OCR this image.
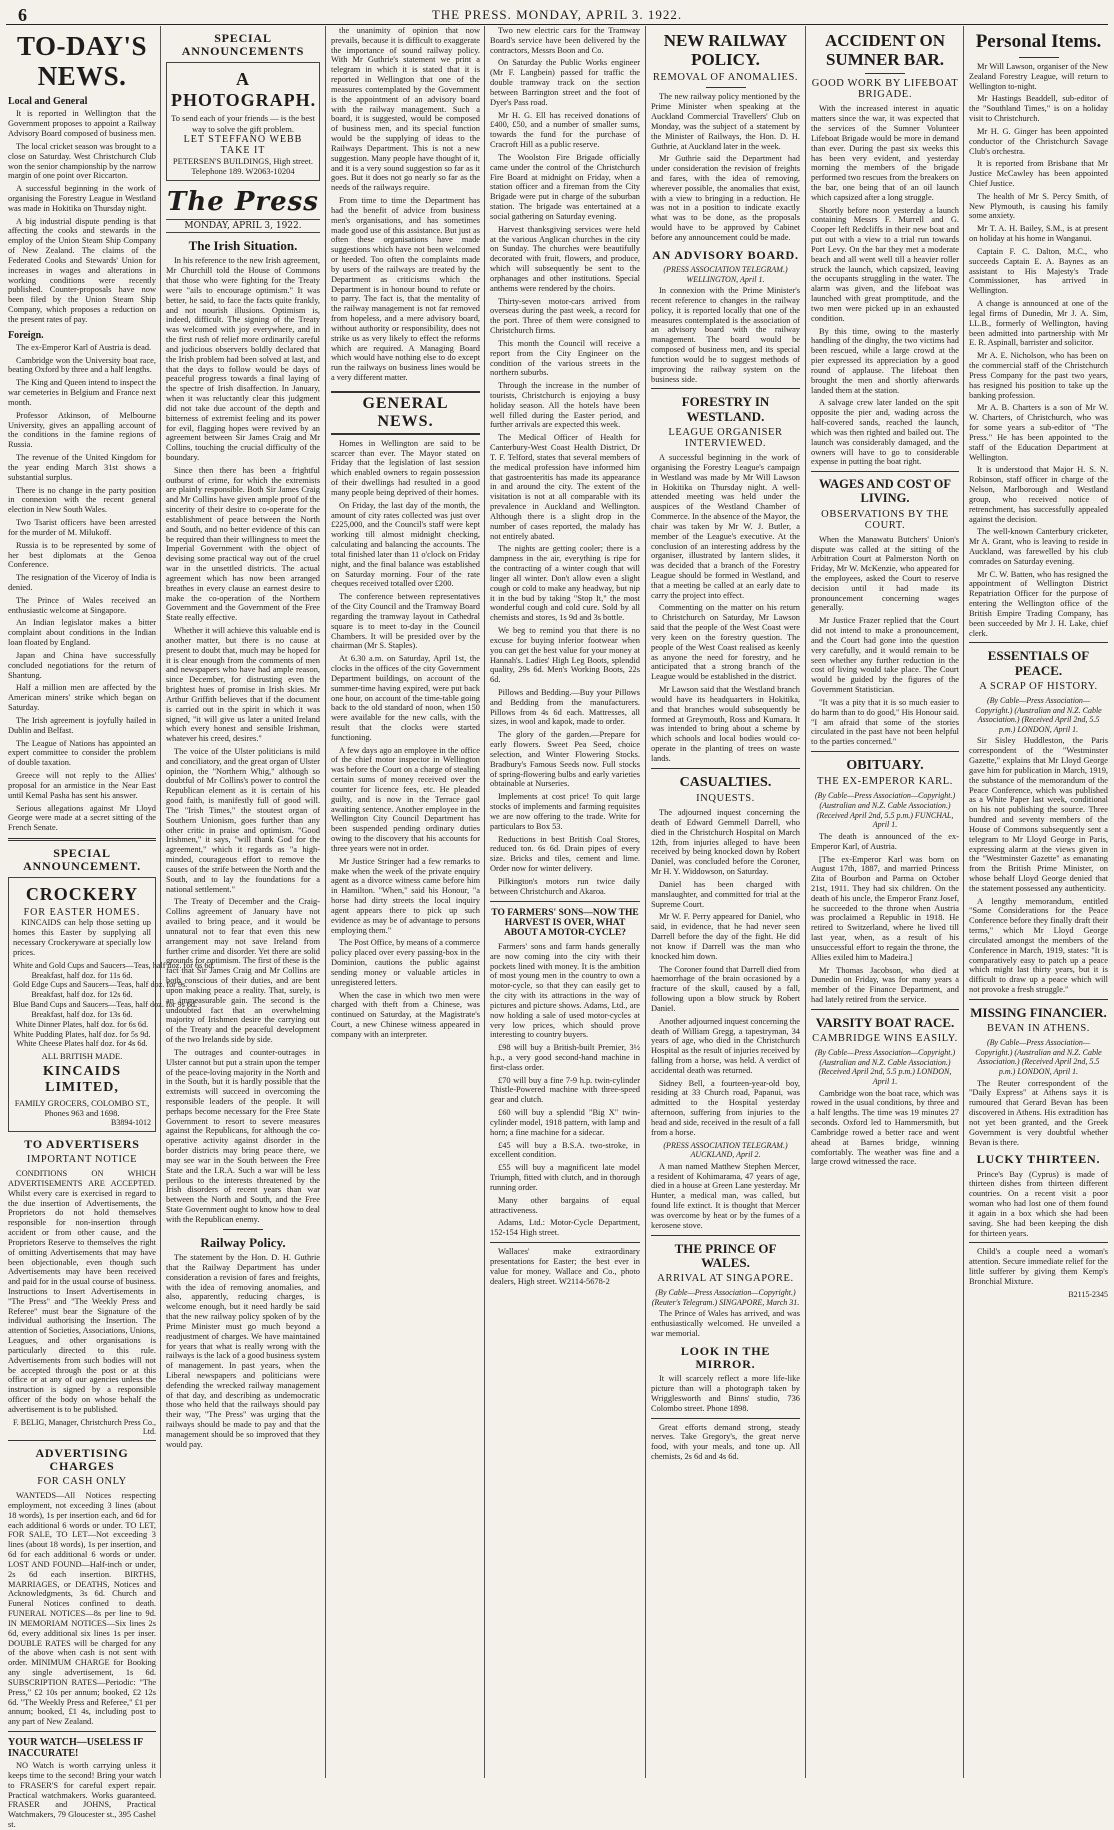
6	THE PRESS. MONDAY, APRIL 3. 1922.
TO-DAY'S NEWS.
Local and General

It is reported in Wellington that the Government proposes to appoint a Railway Advisory Board composed of business men.

The local cricket season was brought to a close on Saturday. West Christchurch Club won the senior championship by the narrow margin of one point over Riccarton.

A successful beginning in the work of organising the Forestry League in Westland was made in Hokitika on Thursday night.

A big industrial dispute pending is that affecting the cooks and stewards in the employ of the Union Steam Ship Company of New Zealand. The claims of the Federated Cooks and Stewards' Union for increases in wages and alterations in working conditions were recently published. Counter-proposals have now been filed by the Union Steam Ship Company, which proposes a reduction on the present rates of pay.

Foreign.

The ex-Emperor Karl of Austria is dead.

Cambridge won the University boat race, beating Oxford by three and a half lengths.

The King and Queen intend to inspect the war cemeteries in Belgium and France next month.

Professor Atkinson, of Melbourne University, gives an appalling account of the conditions in the famine regions of Russia.

The revenue of the United Kingdom for the year ending March 31st shows a substantial surplus.

There is no change in the party position in connexion with the recent general election in New South Wales.

Two Tsarist officers have been arrested for the murder of M. Milukoff.

Russia is to be represented by some of her best diplomats at the Genoa Conference.

The resignation of the Viceroy of India is denied.

The Prince of Wales received an enthusiastic welcome at Singapore.

An Indian legislator makes a bitter complaint about conditions in the Indian loan floated by England.

Japan and China have successfully concluded negotiations for the return of Shantung.

Half a million men are affected by the American miners' strike which began on Saturday.

The Irish agreement is joyfully hailed in Dublin and Belfast.

The League of Nations has appointed an expert committee to consider the problem of double taxation.

Greece will not reply to the Allies' proposal for an armistice in the Near East until Kemal Pasha has sent his answer.

Serious allegations against Mr Lloyd George were made at a secret sitting of the French Senate.

SPECIAL ANNOUNCEMENT.
CROCKERY
FOR EASTER HOMES.

KINCAIDS can help those setting up homes this Easter by supplying all necessary Crockeryware at specially low prices.

White and Gold Cups and Saucers—Teas, half doz. for 6s 6d.
Breakfast, half doz. for 11s 6d.
Gold Edge Cups and Saucers—Teas, half doz. for 9s.
Breakfast, half doz. for 12s 6d.
Blue Band Cups and Saucers—Teas, half doz. for 9s 6d.
Breakfast, half doz. for 13s 6d.
White Dinner Plates, half doz. for 6s 6d.
White Pudding Plates, half doz. for 5s 9d.
White Cheese Plates half doz. for 4s 6d.
ALL BRITISH MADE.
KINCAIDS LIMITED,
FAMILY GROCERS, COLOMBO ST.,
Phones 963 and 1698.
B3894-1012
TO ADVERTISERS
IMPORTANT NOTICE

CONDITIONS ON WHICH ADVERTISEMENTS ARE ACCEPTED. Whilst every care is exercised in regard to the due insertion of Advertisements, the Proprietors do not hold themselves responsible for non-insertion through accident or from other cause, and the Proprietors Reserve to themselves the right of omitting Advertisements that may have been objectionable, even though such Advertisements may have been received and paid for in the usual course of business. Instructions to Insert Advertisements in "The Press" and "The Weekly Press and Referee" must bear the Signature of the individual authorising the Insertion. The attention of Societies, Associations, Unions, Leagues, and other organisations is particularly directed to this rule. Advertisements from such bodies will not be accepted through the post or at this office or at any of our agencies unless the instruction is signed by a responsible officer of the body on whose behalf the advertisement is to be published.

F. BELIG, Manager, Christchurch Press Co., Ltd.
ADVERTISING CHARGES
FOR CASH ONLY

WANTEDS—All Notices respecting employment, not exceeding 3 lines (about 18 words), 1s per insertion each, and 6d for each additional 6 words or under. TO LET, FOR SALE, TO LET—Not exceeding 3 lines (about 18 words), 1s per insertion, and 6d for each additional 6 words or under. LOST AND FOUND—Half-inch or under, 2s 6d each insertion. BIRTHS, MARRIAGES, or DEATHS, Notices and Acknowledgments, 3s 6d. Church and Funeral Notices confined to death. FUNERAL NOTICES—8s per line to 9d. IN MEMORIAM NOTICES—Six lines 2s 6d, every additional six lines 1s per inser. DOUBLE RATES will be charged for any of the above when cash is not sent with order. MINIMUM CHARGE for Booking any single advertisement, 1s 6d. SUBSCRIPTION RATES—Periodic: "The Press," £2 10s per annum; booked, £2 12s 6d. "The Weekly Press and Referee," £1 per annum; booked, £1 4s, including post to any part of New Zealand.

YOUR WATCH—USELESS IF INACCURATE!

NO Watch is worth carrying unless it keeps time to the second! Bring your watch to FRASER'S for careful expert repair. Practical watchmakers. Works guaranteed. FRASER and JOHNS, Practical Watchmakers, 79 Gloucester st., 395 Cashel st.

SPECIAL ANNOUNCEMENTS
A PHOTOGRAPH.
To send each of your friends — is the best way to solve the gift problem.
LET STEFFANO WEBB TAKE IT
PETERSEN'S BUILDINGS, High street.
Telephone 189. W2063-10204
The Press
MONDAY, APRIL 3, 1922.
The Irish Situation.

In his reference to the new Irish agreement, Mr Churchill told the House of Commons that those who were fighting for the Treaty were "ails to encourage optimism." It was better, he said, to face the facts quite frankly, and not nourish illusions. Optimism is, indeed, difficult. The signing of the Treaty was welcomed with joy everywhere, and in the first rush of relief more ordinarily careful and judicious observers boldly declared that the Irish problem had been solved at last, and that the days to follow would be days of peaceful progress towards a final laying of the spectre of Irish disaffection. In January, when it was reluctantly clear this judgment did not take due account of the depth and bitterness of extremist feeling and its power for evil, flagging hopes were revived by an agreement between Sir James Craig and Mr Collins, touching the crucial difficulty of the boundary.

Since then there has been a frightful outburst of crime, for which the extremists are plainly responsible. Both Sir James Craig and Mr Collins have given ample proof of the sincerity of their desire to co-operate for the establishment of peace between the North and South, and no better evidence of this can be required than their willingness to meet the Imperial Government with the object of devising some practical way out of the cruel war in the unsettled districts. The actual agreement which has now been arranged breathes in every clause an earnest desire to make the co-operation of the Northern Government and the Government of the Free State really effective.

Whether it will achieve this valuable end is another matter, but there is no cause at present to doubt that, much may be hoped for it is clear enough from the comments of men and newspapers who have had ample reason, since December, for distrusting even the brightest hues of promise in Irish skies. Mr Arthur Griffith believes that if the document is carried out in the spirit in which it was signed, "it will give us later a united Ireland which every honest and sensible Irishman, whatever his creed, desires."

The voice of the Ulster politicians is mild and conciliatory, and the great organ of Ulster opinion, the "Northern Whig," although so doubtful of Mr Collins's power to control the Republican element as it is certain of his good faith, is manifestly full of good will. The "Irish Times," the stoutest organ of Southern Unionism, goes further than any other critic in praise and optimism. "Good Irishmen," it says, "will thank God for the agreement," which it regards as "a high-minded, courageous effort to remove the causes of the strife between the North and the South, and to lay the foundations for a national settlement."

The Treaty of December and the Craig-Collins agreement of January have not availed to bring peace, and it would be unnatural not to fear that even this new arrangement may not save Ireland from further crime and disorder. Yet there are solid grounds for optimism. The first of these is the fact that Sir James Craig and Mr Collins are both conscious of their duties, and are bent upon making peace a reality. That, surely, is an immeasurable gain. The second is the undoubted fact that an overwhelming majority of Irishmen desire the carrying out of the Treaty and the peaceful development of the two Irelands side by side.

The outrages and counter-outrages in Ulster cannot but put a strain upon the temper of the peace-loving majority in the North and in the South, but it is hardly possible that the extremists will succeed in overcoming the responsible leaders of the people. It will perhaps become necessary for the Free State Government to resort to severe measures against the Republicans, for although the co-operative activity against disorder in the border districts may bring peace there, we may see war in the South between the Free State and the I.R.A. Such a war will be less perilous to the interests threatened by the Irish disorders of recent years than war between the North and South, and the Free State Government ought to know how to deal with the Republican enemy.

Railway Policy.

The statement by the Hon. D. H. Guthrie that the Railway Department has under consideration a revision of fares and freights, with the idea of removing anomalies, and also, apparently, reducing charges, is welcome enough, but it need hardly be said that the new railway policy spoken of by the Prime Minister must go much beyond a readjustment of charges. We have maintained for years that what is really wrong with the railways is the lack of a good business system of management. In past years, when the Liberal newspapers and politicians were defending the wrecked railway management of that day, and describing as undemocratic those who held that the railways should pay their way, "The Press" was urging that the railways should be made to pay and that the management should be so improved that they would pay.

the unanimity of opinion that now prevails, because it is difficult to exaggerate the importance of sound railway policy. With Mr Guthrie's statement we print a telegram in which it is stated that it is reported in Wellington that one of the measures contemplated by the Government is the appointment of an advisory board with the railway management. Such a board, it is suggested, would be composed of business men, and its special function would be the supplying of ideas to the Railways Department. This is not a new suggestion. Many people have thought of it, and it is a very sound suggestion so far as it goes. But it does not go nearly so far as the needs of the railways require.

From time to time the Department has had the benefit of advice from business men's organisations, and has sometimes made good use of this assistance. But just as often these organisations have made suggestions which have not been welcomed or heeded. Too often the complaints made by users of the railways are treated by the Department as criticisms which the Department is in honour bound to refute or to parry. The fact is, that the mentality of the railway management is not far removed from hopeless, and a mere advisory board, without authority or responsibility, does not strike us as very likely to effect the reforms which are required. A Managing Board which would have nothing else to do except run the railways on business lines would be a very different matter.

GENERAL NEWS.

Homes in Wellington are said to be scarcer than ever. The Mayor stated on Friday that the legislation of last session which enabled owners to regain possession of their dwellings had resulted in a good many people being deprived of their homes.

On Friday, the last day of the month, the amount of city rates collected was just over £225,000, and the Council's staff were kept working till almost midnight checking, calculating and balancing the accounts. The total finished later than 11 o'clock on Friday night, and the final balance was established on Saturday morning. Four of the rate cheques received totalled over £200.

The conference between representatives of the City Council and the Tramway Board regarding the tramway layout in Cathedral square is to meet to-day in the Council Chambers. It will be presided over by the chairman (Mr S. Staples).

At 6.30 a.m. on Saturday, April 1st, the clocks in the offices of the city Government Department buildings, on account of the summer-time having expired, were put back one hour, on account of the time-table going back to the old standard of noon, when 150 were available for the new calls, with the result that the clocks were started functioning.

A few days ago an employee in the office of the chief motor inspector in Wellington was before the Court on a charge of stealing certain sums of money received over the counter for licence fees, etc. He pleaded guilty, and is now in the Terrace gaol awaiting sentence. Another employee in the Wellington City Council Department has been suspended pending ordinary duties owing to the discovery that his accounts for three years were not in order.

Mr Justice Stringer had a few remarks to make when the week of the private enquiry agent as a divorce witness came before him in Hamilton. "When," said his Honour, "a horse had dirty streets the local inquiry agent appears there to pick up such evidence as may be of advantage to persons employing them."

The Post Office, by means of a commerce policy placed over every passing-box in the Dominion, cautions the public against sending money or valuable articles in unregistered letters.

When the case in which two men were charged with theft from a Chinese, was continued on Saturday, at the Magistrate's Court, a new Chinese witness appeared in company with an interpreter.

Two new electric cars for the Tramway Board's service have been delivered by the contractors, Messrs Boon and Co.

On Saturday the Public Works engineer (Mr F. Langbein) passed for traffic the double tramway track on the section between Barrington street and the foot of Dyer's Pass road.

Mr H. G. Ell has received donations of £400, £50, and a number of smaller sums, towards the fund for the purchase of Cracroft Hill as a public reserve.

The Woolston Fire Brigade officially came under the control of the Christchurch Fire Board at midnight on Friday, when a station officer and a fireman from the City Brigade were put in charge of the suburban station. The brigade was entertained at a social gathering on Saturday evening.

Harvest thanksgiving services were held at the various Anglican churches in the city on Sunday. The churches were beautifully decorated with fruit, flowers, and produce, which will subsequently be sent to the orphanages and other institutions. Special anthems were rendered by the choirs.

Thirty-seven motor-cars arrived from overseas during the past week, a record for the port. Three of them were consigned to Christchurch firms.

This month the Council will receive a report from the City Engineer on the condition of the various streets in the northern suburbs.

Through the increase in the number of tourists, Christchurch is enjoying a busy holiday season. All the hotels have been well filled during the Easter period, and further arrivals are expected this week.

The Medical Officer of Health for Canterbury-West Coast Health District, Dr T. F. Telford, states that several members of the medical profession have informed him that gastroenteritis has made its appearance in and around the city. The extent of the visitation is not at all comparable with its prevalence in Auckland and Wellington. Although there is a slight drop in the number of cases reported, the malady has not entirely abated.

The nights are getting cooler; there is a dampness in the air, everything is ripe for the contracting of a winter cough that will linger all winter. Don't allow even a slight cough or cold to make any headway, but nip it in the bud by taking "Stop It," the most wonderful cough and cold cure. Sold by all chemists and stores, 1s 9d and 3s bottle.

We beg to remind you that there is no excuse for buying inferior footwear when you can get the best value for your money at Hannah's. Ladies' High Leg Boots, splendid quality, 29s 6d. Men's Working Boots, 22s 6d.

Pillows and Bedding.—Buy your Pillows and Bedding from the manufacturers. Pillows from 4s 6d each. Mattresses, all sizes, in wool and kapok, made to order.

The glory of the garden.—Prepare for early flowers. Sweet Pea Seed, choice selection, and Winter Flowering Stocks. Bradbury's Famous Seeds now. Full stocks of spring-flowering bulbs and early varieties obtainable at Nurseries.

Implements at cost price! To quit large stocks of implements and farming requisites we are now offering to the trade. Write for particulars to Box 53.

Reductions in best British Coal Stores, reduced ton. 6s 6d. Drain pipes of every size. Bricks and tiles, cement and lime. Order now for winter delivery.

Pilkington's motors run twice daily between Christchurch and Akaroa.

TO FARMERS' SONS—NOW THE HARVEST IS OVER, WHAT ABOUT A MOTOR-CYCLE?

Farmers' sons and farm hands generally are now coming into the city with their pockets lined with money. It is the ambition of most young men in the country to own a motor-cycle, so that they can easily get to the city with its attractions in the way of pictures and picture shows. Adams, Ltd., are now holding a sale of used motor-cycles at very low prices, which should prove interesting to country buyers.

£98 will buy a British-built Premier, 3½ h.p., a very good second-hand machine in first-class order.

£70 will buy a fine 7-9 h.p. twin-cylinder Thistle-Powered machine with three-speed gear and clutch.

£60 will buy a splendid "Big X" twin-cylinder model, 1918 pattern, with lamp and horn; a fine machine for a sidecar.

£45 will buy a B.S.A. two-stroke, in excellent condition.

£55 will buy a magnificent late model Triumph, fitted with clutch, and in thorough running order.

Many other bargains of equal attractiveness.

Adams, Ltd.: Motor-Cycle Department, 152-154 High street.

Wallaces' make extraordinary presentations for Easter; the best ever in value for money. Wallace and Co., photo dealers, High street. W2114-5678-2

NEW RAILWAY POLICY.
REMOVAL OF ANOMALIES.

The new railway policy mentioned by the Prime Minister when speaking at the Auckland Commercial Travellers' Club on Monday, was the subject of a statement by the Minister of Railways, the Hon. D. H. Guthrie, at Auckland later in the week.

Mr Guthrie said the Department had under consideration the revision of freights and fares, with the idea of removing, wherever possible, the anomalies that exist, with a view to bringing in a reduction. He was not in a position to indicate exactly what was to be done, as the proposals would have to be approved by Cabinet before any announcement could be made.

AN ADVISORY BOARD.
(PRESS ASSOCIATION TELEGRAM.) WELLINGTON, April 1.

In connexion with the Prime Minister's recent reference to changes in the railway policy, it is reported locally that one of the measures contemplated is the association of an advisory board with the railway management. The board would be composed of business men, and its special function would be to suggest methods of improving the railway system on the business side.

FORESTRY IN WESTLAND.
LEAGUE ORGANISER INTERVIEWED.

A successful beginning in the work of organising the Forestry League's campaign in Westland was made by Mr Will Lawson in Hokitika on Thursday night. A well-attended meeting was held under the auspices of the Westland Chamber of Commerce. In the absence of the Mayor, the chair was taken by Mr W. J. Butler, a member of the League's executive. At the conclusion of an interesting address by the organiser, illustrated by lantern slides, it was decided that a branch of the Forestry League should be formed in Westland, and that a meeting be called at an early date to carry the project into effect.

Commenting on the matter on his return to Christchurch on Saturday, Mr Lawson said that the people of the West Coast were very keen on the forestry question. The people of the West Coast realised as keenly as anyone the need for forestry, and he anticipated that a strong branch of the League would be established in the district.

Mr Lawson said that the Westland branch would have its headquarters in Hokitika, and that branches would subsequently be formed at Greymouth, Ross and Kumara. It was intended to bring about a scheme by which schools and local bodies would co-operate in the planting of trees on waste lands.

CASUALTIES.
INQUESTS.

The adjourned inquest concerning the death of Edward Gemmell Darrell, who died in the Christchurch Hospital on March 12th, from injuries alleged to have been received by being knocked down by Robert Daniel, was concluded before the Coroner, Mr H. Y. Widdowson, on Saturday.

Daniel has been charged with manslaughter, and committed for trial at the Supreme Court.

Mr W. F. Perry appeared for Daniel, who said, in evidence, that he had never seen Darrell before the day of the fight. He did not know if Darrell was the man who knocked him down.

The Coroner found that Darrell died from haemorrhage of the brain occasioned by a fracture of the skull, caused by a fall, following upon a blow struck by Robert Daniel.

Another adjourned inquest concerning the death of William Gregg, a tapestryman, 34 years of age, who died in the Christchurch Hospital as the result of injuries received by falling from a horse, was held. A verdict of accidental death was returned.

Sidney Bell, a fourteen-year-old boy, residing at 33 Church road, Papanui, was admitted to the Hospital yesterday afternoon, suffering from injuries to the head and side, received in the result of a fall from a horse.

(PRESS ASSOCIATION TELEGRAM.) AUCKLAND, April 2.

A man named Matthew Stephen Mercer, a resident of Kohimarama, 47 years of age, died in a house at Green Lane yesterday. Mr Hunter, a medical man, was called, but found life extinct. It is thought that Mercer was overcome by heat or by the fumes of a kerosene stove.

THE PRINCE OF WALES.
ARRIVAL AT SINGAPORE.
(By Cable—Press Association—Copyright.) (Reuter's Telegram.) SINGAPORE, March 31.

The Prince of Wales has arrived, and was enthusiastically welcomed. He unveiled a war memorial.

LOOK IN THE MIRROR.

It will scarcely reflect a more life-like picture than will a photograph taken by Wrigglesworth and Binns' studio, 736 Colombo street. Phone 1898.

Great efforts demand strong, steady nerves. Take Gregory's, the great nerve food, with your meals, and tone up. All chemists, 2s 6d and 4s 6d.

ACCIDENT ON SUMNER BAR.
GOOD WORK BY LIFEBOAT BRIGADE.

With the increased interest in aquatic matters since the war, it was expected that the services of the Sumner Volunteer Lifeboat Brigade would be more in demand than ever. During the past six weeks this has been very evident, and yesterday morning the members of the brigade performed two rescues from the breakers on the bar, one being that of an oil launch which capsized after a long struggle.

Shortly before noon yesterday a launch containing Messrs F. Murrell and G. Cooper left Redcliffs in their new boat and put out with a view to a trial run towards Port Levy. On the bar they met a moderate beach and all went well till a heavier roller struck the launch, which capsized, leaving the occupants struggling in the water. The alarm was given, and the lifeboat was launched with great promptitude, and the two men were picked up in an exhausted condition.

By this time, owing to the masterly handling of the dinghy, the two victims had been rescued, while a large crowd at the pier expressed its appreciation by a good round of applause. The lifeboat then brought the men and shortly afterwards landed them at the station.

A salvage crew later landed on the spit opposite the pier and, wading across the half-covered sands, reached the launch, which was then righted and bailed out. The launch was considerably damaged, and the owners will have to go to considerable expense in putting the boat right.

WAGES AND COST OF LIVING.
OBSERVATIONS BY THE COURT.

When the Manawatu Butchers' Union's dispute was called at the sitting of the Arbitration Court at Palmerston North on Friday, Mr W. McKenzie, who appeared for the employees, asked the Court to reserve decision until it had made its pronouncement concerning wages generally.

Mr Justice Frazer replied that the Court did not intend to make a pronouncement, and the Court had gone into the question very carefully, and it would remain to be seen whether any further reduction in the cost of living would take place. The Court would be guided by the figures of the Government Statistician.

"It was a pity that it is so much easier to do harm than to do good," His Honour said. "I am afraid that some of the stories circulated in the past have not been helpful to the parties concerned."

OBITUARY.
THE EX-EMPEROR KARL.
(By Cable—Press Association—Copyright.) (Australian and N.Z. Cable Association.) (Received April 2nd, 5.5 p.m.) FUNCHAL, April 1.

The death is announced of the ex-Emperor Karl, of Austria.

[The ex-Emperor Karl was born on August 17th, 1887, and married Princess Zita of Bourbon and Parma on October 21st, 1911. They had six children. On the death of his uncle, the Emperor Franz Josef, he succeeded to the throne when Austria was proclaimed a Republic in 1918. He retired to Switzerland, where he lived till last year, when, as a result of his unsuccessful effort to regain the throne, the Allies exiled him to Madeira.]

Mr Thomas Jacobson, who died at Dunedin on Friday, was for many years a member of the Finance Department, and had lately retired from the service.

VARSITY BOAT RACE.
CAMBRIDGE WINS EASILY.
(By Cable—Press Association—Copyright.) (Australian and N.Z. Cable Association.) (Received April 2nd, 5.5 p.m.) LONDON, April 1.

Cambridge won the boat race, which was rowed in the usual conditions, by three and a half lengths. The time was 19 minutes 27 seconds. Oxford led to Hammersmith, but Cambridge rowed a better race and went ahead at Barnes bridge, winning comfortably. The weather was fine and a large crowd witnessed the race.

Personal Items.

Mr Will Lawson, organiser of the New Zealand Forestry League, will return to Wellington to-night.

Mr Hastings Beaddell, sub-editor of the "Southland Times," is on a holiday visit to Christchurch.

Mr H. G. Ginger has been appointed conductor of the Christchurch Savage Club's orchestra.

It is reported from Brisbane that Mr Justice McCawley has been appointed Chief Justice.

The health of Mr S. Percy Smith, of New Plymouth, is causing his family some anxiety.

Mr T. A. H. Bailey, S.M., is at present on holiday at his home in Wanganui.

Captain F. C. Dalton, M.C., who succeeds Captain E. A. Baynes as an assistant to His Majesty's Trade Commissioner, has arrived in Wellington.

A change is announced at one of the legal firms of Dunedin, Mr J. A. Sim, LL.B., formerly of Wellington, having been admitted into partnership with Mr E. R. Aspinall, barrister and solicitor.

Mr A. E. Nicholson, who has been on the commercial staff of the Christchurch Press Company for the past two years, has resigned his position to take up the banking profession.

Mr A. B. Charters is a son of Mr W. W. Charters, of Christchurch, who was for some years a sub-editor of "The Press." He has been appointed to the staff of the Education Department at Wellington.

It is understood that Major H. S. N. Robinson, staff officer in charge of the Nelson, Marlborough and Westland group, who received notice of retrenchment, has successfully appealed against the decision.

The well-known Canterbury cricketer, Mr A. Grant, who is leaving to reside in Auckland, was farewelled by his club comrades on Saturday evening.

Mr C. W. Batten, who has resigned the appointment of Wellington District Repatriation Officer for the purpose of entering the Wellington office of the British Empire Trading Company, has been succeeded by Mr J. H. Lake, chief clerk.

ESSENTIALS OF PEACE.
A SCRAP OF HISTORY.
(By Cable—Press Association—Copyright.) (Australian and N.Z. Cable Association.) (Received April 2nd, 5.5 p.m.) LONDON, April 1.

Sir Sisley Huddleston, the Paris correspondent of the "Westminster Gazette," explains that Mr Lloyd George gave him for publication in March, 1919, the substance of the memorandum of the Peace Conference, which was published as a White Paper last week, conditional on his not publishing the source. Three hundred and seventy members of the House of Commons subsequently sent a telegram to Mr Lloyd George in Paris, expressing alarm at the views given in the "Westminster Gazette" as emanating from the British Prime Minister, on whose behalf Lloyd George denied that the statement possessed any authenticity.

A lengthy memorandum, entitled "Some Considerations for the Peace Conference before they finally draft their terms," which Mr Lloyd George circulated amongst the members of the Conference in March, 1919, states: "It is comparatively easy to patch up a peace which might last thirty years, but it is difficult to draw up a peace which will not provoke a fresh struggle."

MISSING FINANCIER.
BEVAN IN ATHENS.
(By Cable—Press Association—Copyright.) (Australian and N.Z. Cable Association.) (Received April 2nd, 5.5 p.m.) LONDON, April 1.

The Reuter correspondent of the "Daily Express" at Athens says it is rumoured that Gerard Bevan has been discovered in Athens. His extradition has not yet been granted, and the Greek Government is very doubtful whether Bevan is there.

LUCKY THIRTEEN.

Prince's Bay (Cyprus) is made of thirteen dishes from thirteen different countries. On a recent visit a poor woman who had lost one of them found it again in a box which she had been saving. She had been keeping the dish for thirteen years.

Child's a couple need a woman's attention. Secure immediate relief for the little sufferer by giving them Kemp's Bronchial Mixture.

B2115-2345
